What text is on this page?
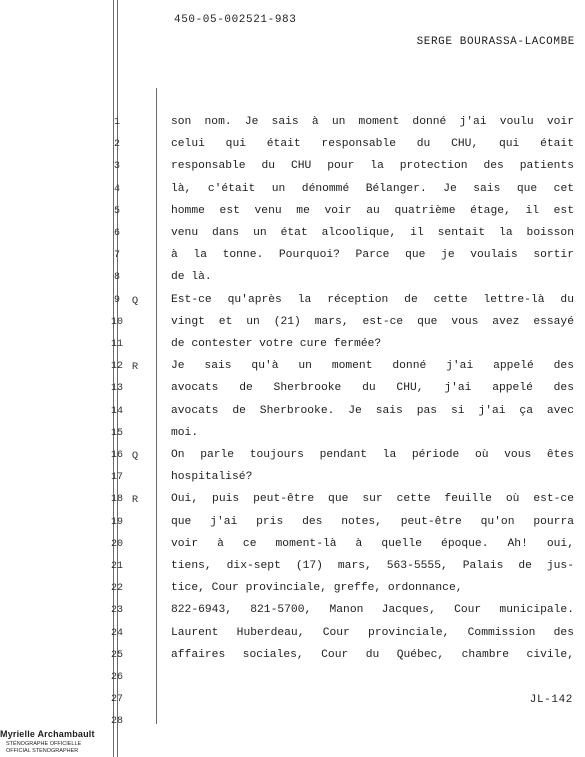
450-05-002521-983
SERGE BOURASSA-LACOMBE
1	son nom. Je sais à un moment donné j'ai voulu voir
2	celui qui était responsable du CHU, qui était
3	responsable du CHU pour la protection des patients
4	là, c'était un dénommé Bélanger. Je sais que cet
5	homme est venu me voir au quatrième étage, il est
6	venu dans un état alcoolique, il sentait la boisson
7	à la tonne. Pourquoi? Parce que je voulais sortir
8	de là.
9	Q	Est-ce qu'après la réception de cette lettre-là du
10	vingt et un (21) mars, est-ce que vous avez essayé
11	de contester votre cure fermée?
12 R	Je sais qu'à un moment donné j'ai appelé des
13	avocats de Sherbrooke du CHU, j'ai appelé des
14	avocats de Sherbrooke. Je sais pas si j'ai ça avec
15	moi.
16 Q	On parle toujours pendant la période où vous êtes
17	hospitalisé?
18 R	Oui, puis peut-être que sur cette feuille où est-ce
19	que j'ai pris des notes, peut-être qu'on pourra
20	voir à ce moment-là à quelle époque. Ah! oui,
21	tiens, dix-sept (17) mars, 563-5555, Palais de jus-
22	tice, Cour provinciale, greffe, ordonnance,
23	822-6943, 821-5700, Manon Jacques, Cour municipale.
24	Laurent Huberdeau, Cour provinciale, Commission des
25	affaires sociales, Cour du Québec, chambre civile,
26
27
28
JL-142
Myrielle Archambault
STÉNOGRAPHE OFFICIELLE
OFFICIAL STENOGRAPHER
